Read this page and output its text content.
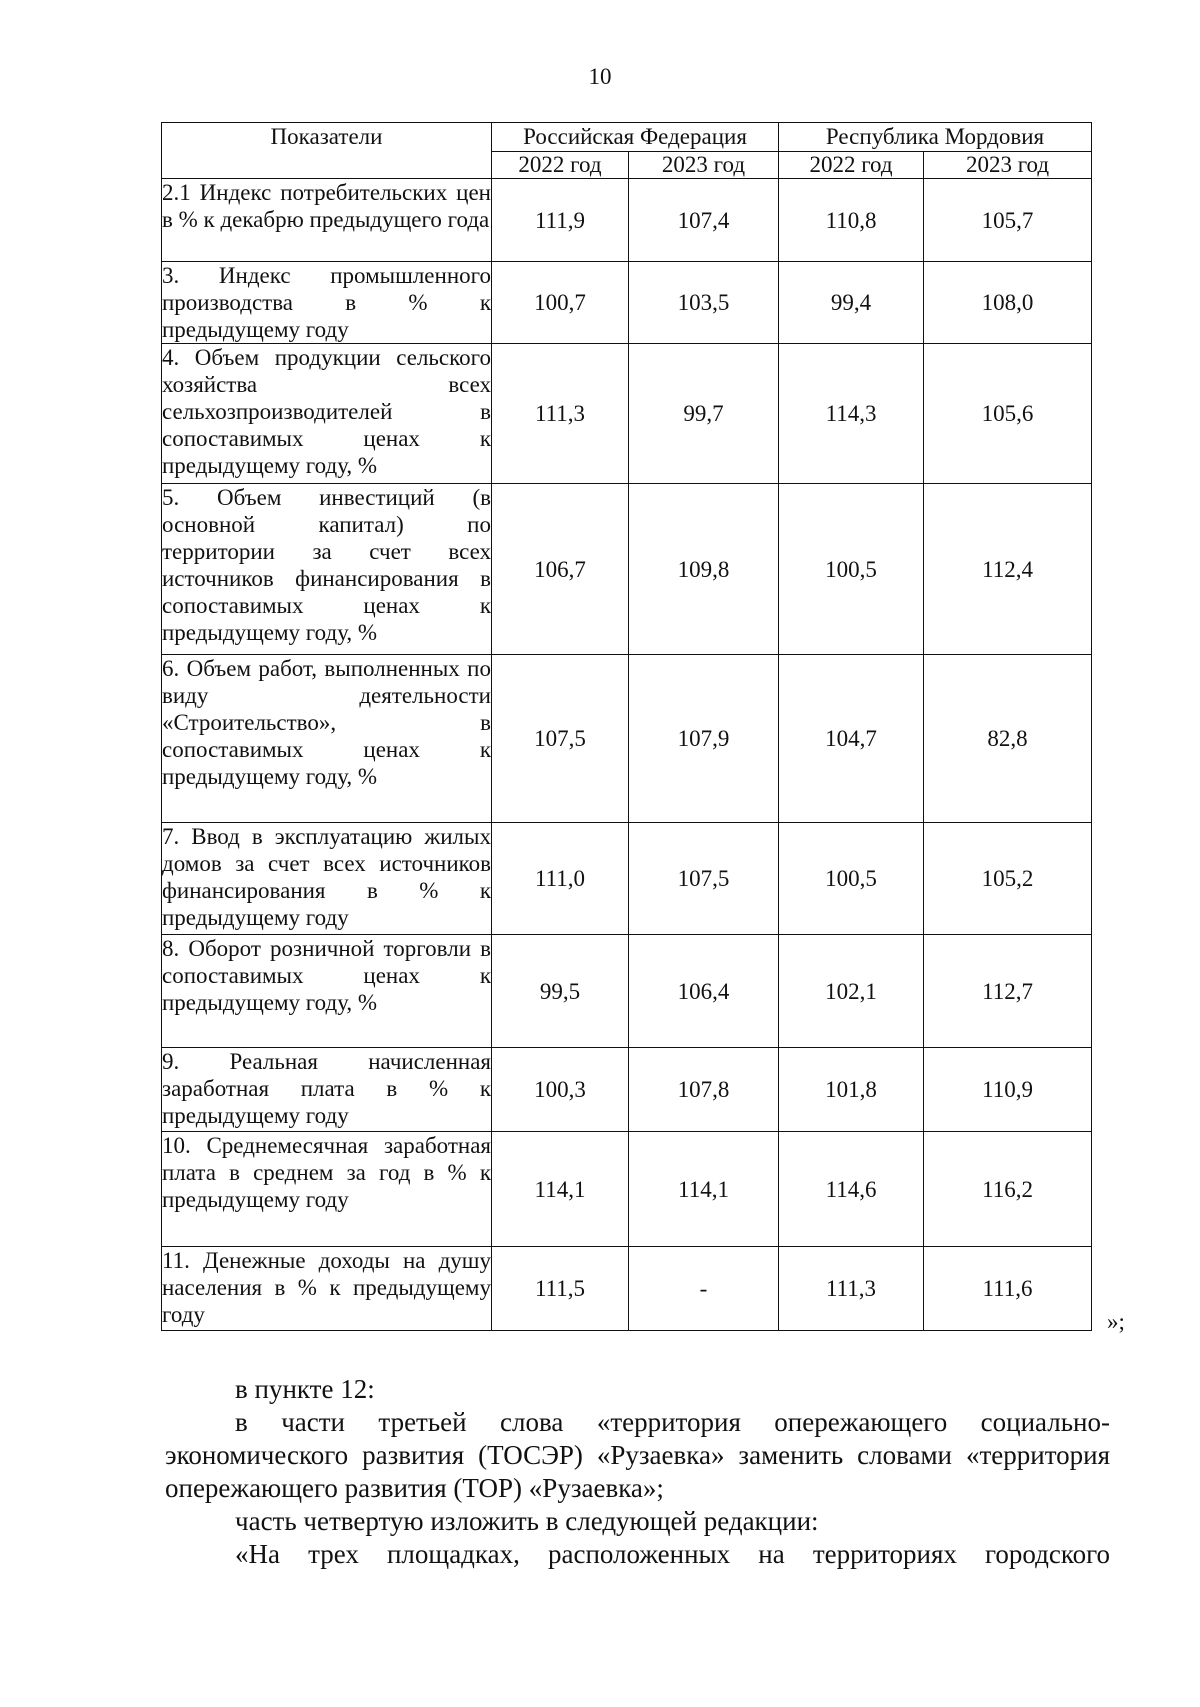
10
Показатели	Российская Федерация		Республика Мордовия	
	2022 год	2023 год	2022 год	2023 год
2.1 Индекс потребительских цен в % к декабрю предыдущего года	111,9	107,4	110,8	105,7
3. Индекс промышленного производства в % к предыдущему году	100,7	103,5	99,4	108,0
4. Объем продукции сельского хозяйства всех сельхозпроизводителей в сопоставимых ценах к предыдущему году, %	111,3	99,7	114,3	105,6
5. Объем инвестиций (в основной капитал) по территории за счет всех источников финансирования в сопоставимых ценах к предыдущему году, %	106,7	109,8	100,5	112,4
6. Объем работ, выполненных по виду деятельности «Строительство», в сопоставимых ценах к предыдущему году, %	107,5	107,9	104,7	82,8
7. Ввод в эксплуатацию жилых домов за счет всех источников финансирования в % к предыдущему году	111,0	107,5	100,5	105,2
8. Оборот розничной торговли в сопоставимых ценах к предыдущему году, %	99,5	106,4	102,1	112,7
9. Реальная начисленная заработная плата в % к предыдущему году	100,3	107,8	101,8	110,9
10. Среднемесячная заработная плата в среднем за год в % к предыдущему году	114,1	114,1	114,6	116,2
11. Денежные доходы на душу населения в % к предыдущему году	111,5	-	111,3	111,6
»;

в пункте 12:

в части третьей слова «территория опережающего социально-экономического развития (ТОСЭР) «Рузаевка» заменить словами «территория опережающего развития (ТОР) «Рузаевка»;

часть четвертую изложить в следующей редакции:

«На трех площадках, расположенных на территориях городского
